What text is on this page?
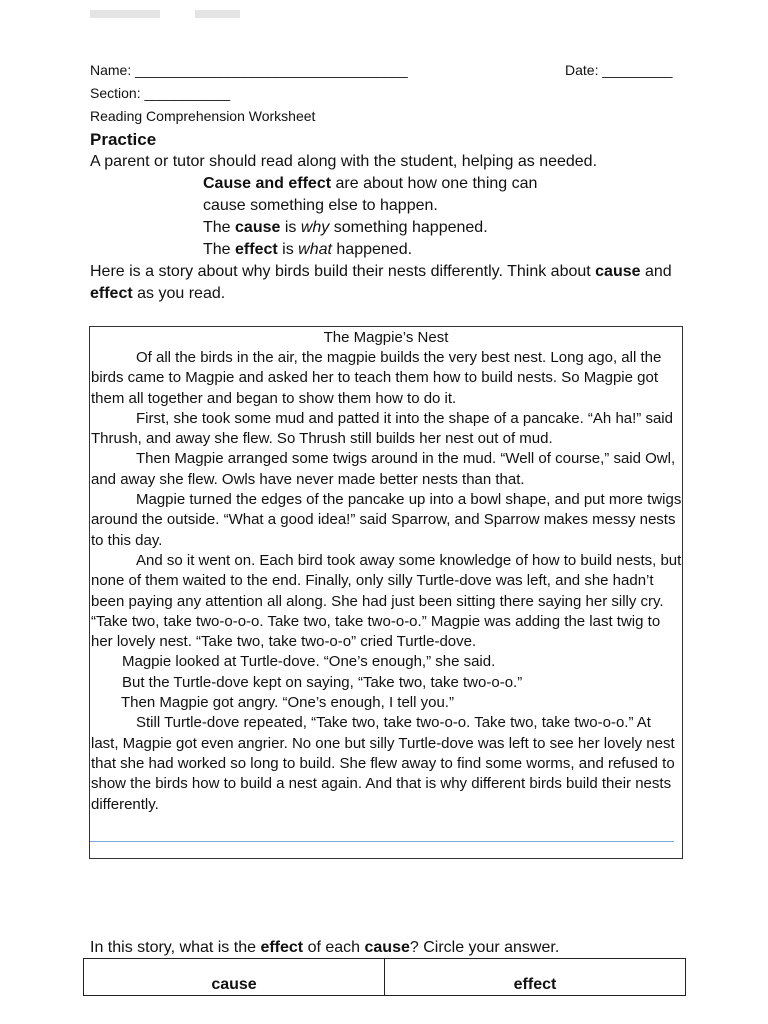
Name: ___________________________________	Date: _________
Section: ___________
Reading Comprehension Worksheet
Practice
A parent or tutor should read along with the student, helping as needed.
Cause and effect are about how one thing can
cause something else to happen.
The cause is why something happened.
The effect is what happened.
Here is a story about why birds build their nests differently. Think about cause and effect as you read.
The Magpie’s Nest

Of all the birds in the air, the magpie builds the very best nest. Long ago, all the birds came to Magpie and asked her to teach them how to build nests. So Magpie got them all together and began to show them how to do it.

First, she took some mud and patted it into the shape of a pancake. “Ah ha!” said Thrush, and away she flew. So Thrush still builds her nest out of mud.

Then Magpie arranged some twigs around in the mud. “Well of course,” said Owl, and away she flew. Owls have never made better nests than that.

Magpie turned the edges of the pancake up into a bowl shape, and put more twigs around the outside. “What a good idea!” said Sparrow, and Sparrow makes messy nests to this day.

And so it went on. Each bird took away some knowledge of how to build nests, but none of them waited to the end. Finally, only silly Turtle-dove was left, and she hadn’t been paying any attention all along. She had just been sitting there saying her silly cry. “Take two, take two-o-o-o. Take two, take two-o-o.” Magpie was adding the last twig to her lovely nest. “Take two, take two-o-o” cried Turtle-dove.

Magpie looked at Turtle-dove. “One’s enough,” she said.

But the Turtle-dove kept on saying, “Take two, take two-o-o.”

Then Magpie got angry. “One’s enough, I tell you.”

Still Turtle-dove repeated, “Take two, take two-o-o. Take two, take two-o-o.” At last, Magpie got even angrier. No one but silly Turtle-dove was left to see her lovely nest that she had worked so long to build. She flew away to find some worms, and refused to show the birds how to build a nest again. And that is why different birds build their nests differently.

In this story, what is the effect of each cause? Circle your answer.
cause	effect
